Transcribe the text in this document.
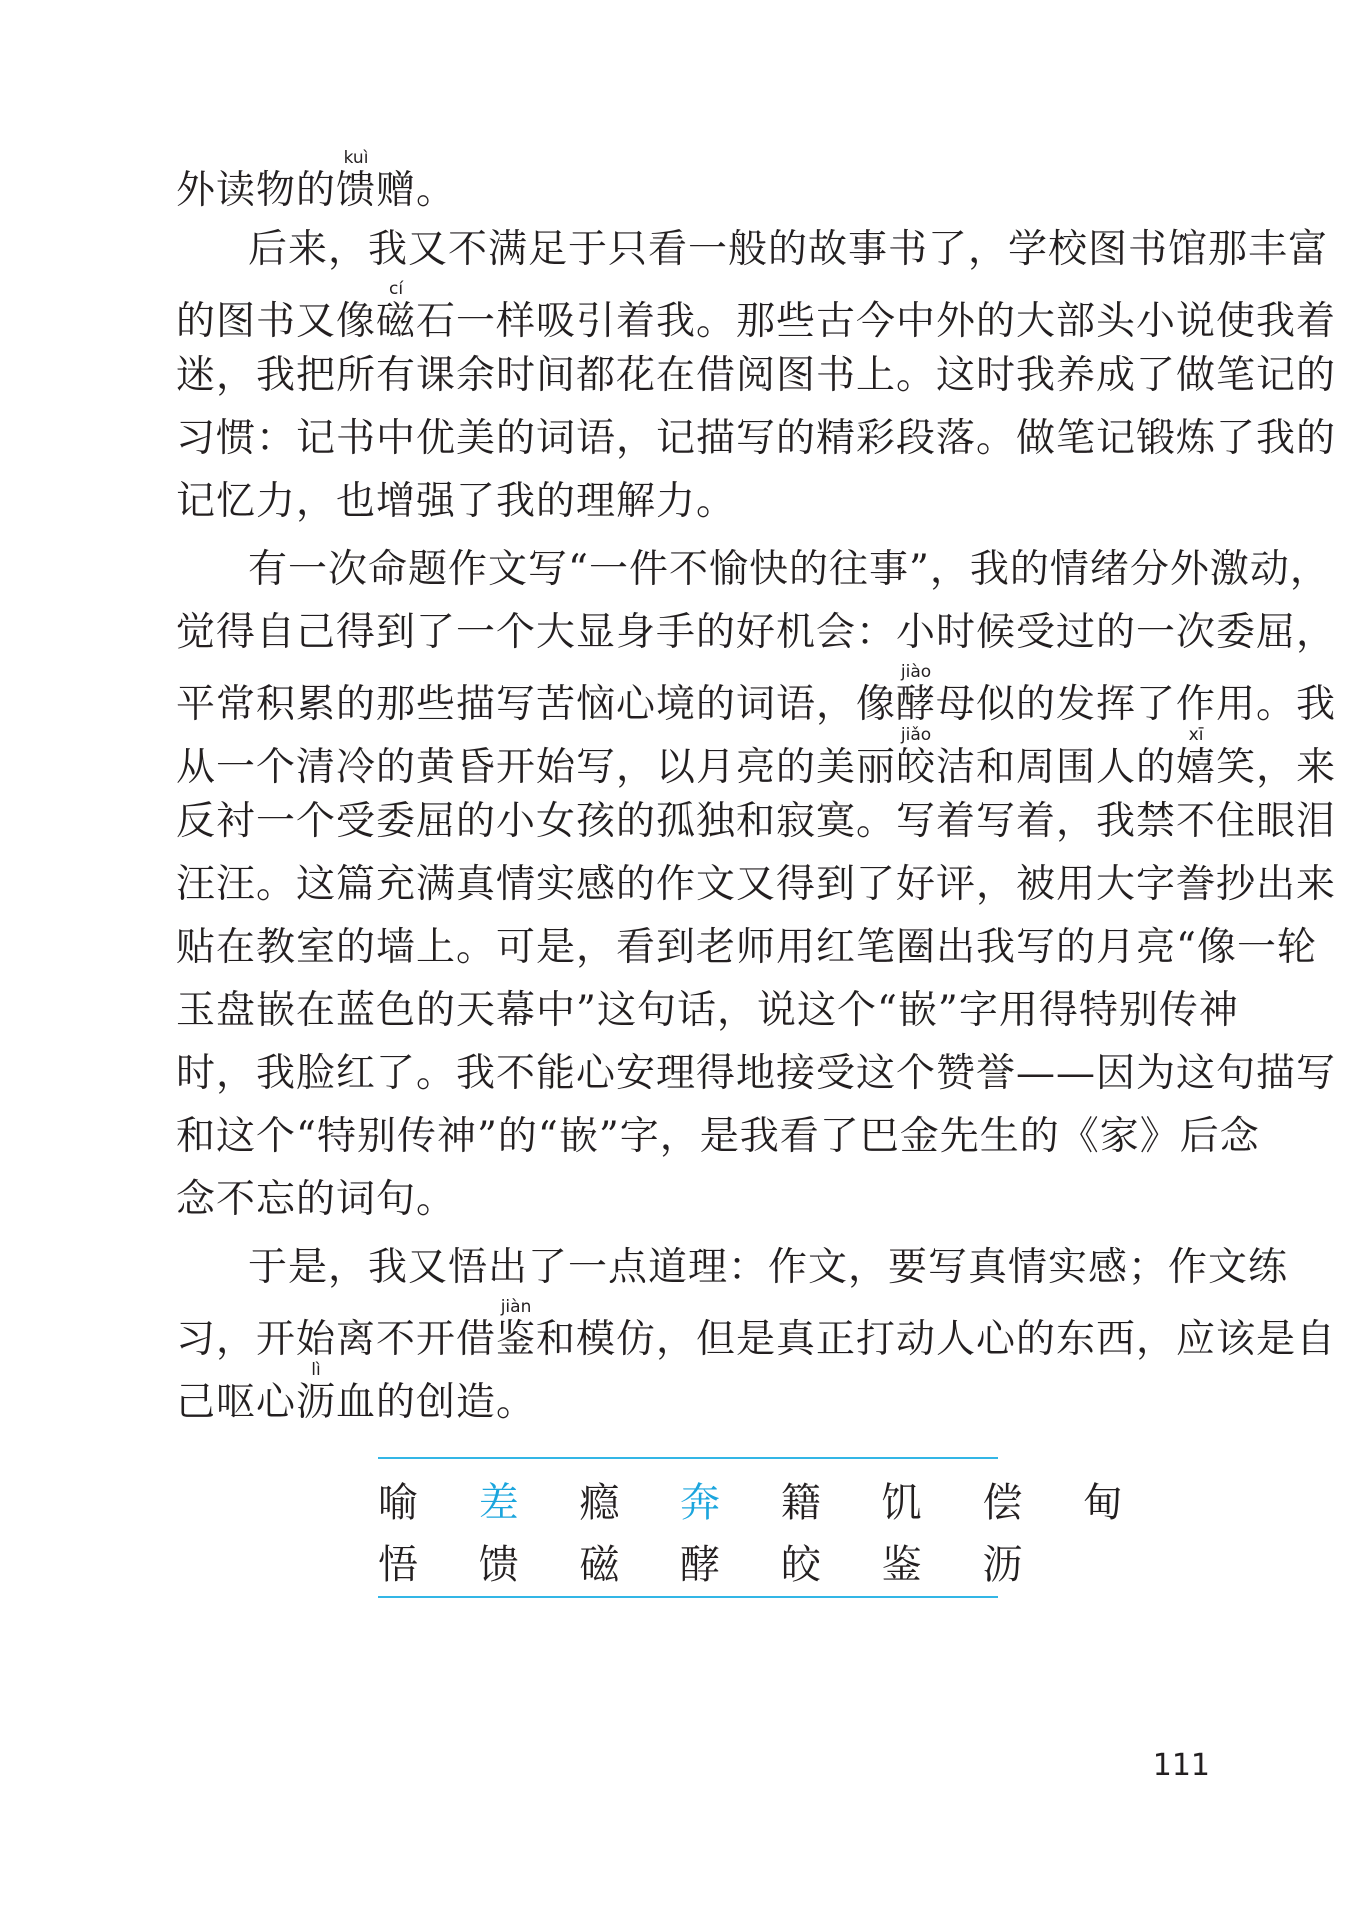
外读物的馈kuì赠。
后来，我又不满足于只看一般的故事书了，学校图书馆那丰富
的图书又像磁cí石一样吸引着我。那些古今中外的大部头小说使我着
迷，我把所有课余时间都花在借阅图书上。这时我养成了做笔记的
习惯：记书中优美的词语，记描写的精彩段落。做笔记锻炼了我的
记忆力，也增强了我的理解力。
有一次命题作文写“一件不愉快的往事”，我的情绪分外激动，
觉得自己得到了一个大显身手的好机会：小时候受过的一次委屈，
平常积累的那些描写苦恼心境的词语，像酵jiào母似的发挥了作用。我
从一个清冷的黄昏开始写，以月亮的美丽皎jiǎo洁和周围人的嬉xī笑，来
反衬一个受委屈的小女孩的孤独和寂寞。写着写着，我禁不住眼泪
汪汪。这篇充满真情实感的作文又得到了好评，被用大字誊抄出来
贴在教室的墙上。可是，看到老师用红笔圈出我写的月亮“像一轮
玉盘嵌在蓝色的天幕中”这句话，说这个“嵌”字用得特别传神
时，我脸红了。我不能心安理得地接受这个赞誉——因为这句描写
和这个“特别传神”的“嵌”字，是我看了巴金先生的《家》后念
念不忘的词句。
于是，我又悟出了一点道理：作文，要写真情实感；作文练
习，开始离不开借鉴jiàn和模仿，但是真正打动人心的东西，应该是自
己呕心沥lì血的创造。
喻 差 瘾 奔 籍 饥 偿 甸
悟 馈 磁 酵 皎 鉴 沥
111
